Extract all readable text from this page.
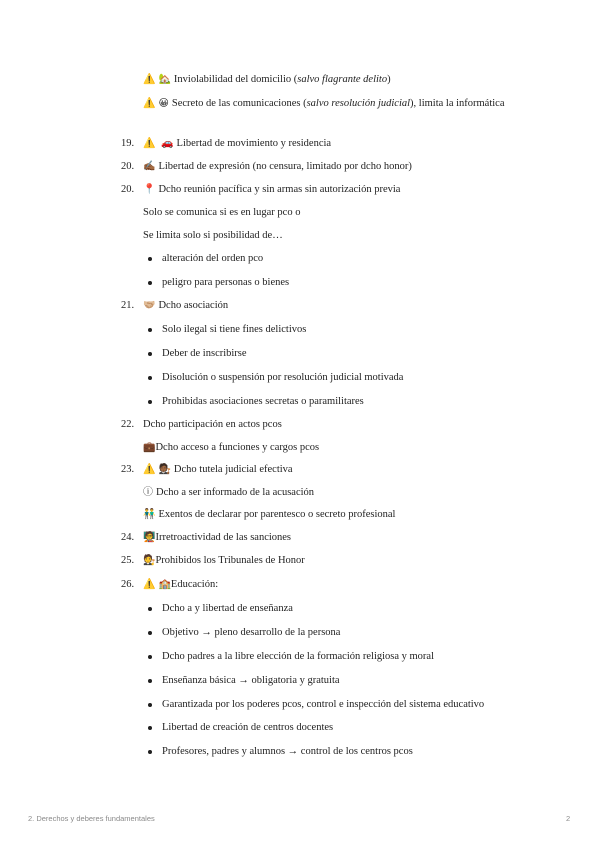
⚠️ 🏡 Inviolabilidad del domicilio (salvo flagrante delito)
⚠️ 😀 Secreto de las comunicaciones (salvo resolución judicial), limita la informática
19. ⚠️ 🚗 Libertad de movimiento y residencia
20. ✍🏾 Libertad de expresión (no censura, limitado por dcho honor)
20. 📍 Dcho reunión pacífica y sin armas sin autorización previa
Solo se comunica si es en lugar pco o
Se limita solo si posibilidad de…
alteración del orden pco
peligro para personas o bienes
21. 🤝🏼 Dcho asociación
Solo ilegal si tiene fines delictivos
Deber de inscribirse
Disolución o suspensión por resolución judicial motivada
Prohibidas asociaciones secretas o paramilitares
22. Dcho participación en actos pcos
💼Dcho acceso a funciones y cargos pcos
23. ⚠️ 🧑🏾‍⚖️ Dcho tutela judicial efectiva
ⓘ Dcho a ser informado de la acusación
👬 Exentos de declarar por parentesco o secreto profesional
24. 🧑‍🏫Irretroactividad de las sanciones
25. 🧑‍⚖️Prohibidos los Tribunales de Honor
26. ⚠️ 🏫Educación:
Dcho a y libertad de enseñanza
Objetivo → pleno desarrollo de la persona
Dcho padres a la libre elección de la formación religiosa y moral
Enseñanza básica → obligatoria y gratuita
Garantizada por los poderes pcos, control e inspección del sistema educativo
Libertad de creación de centros docentes
Profesores, padres y alumnos → control de los centros pcos
2. Derechos y deberes fundamentales	2
